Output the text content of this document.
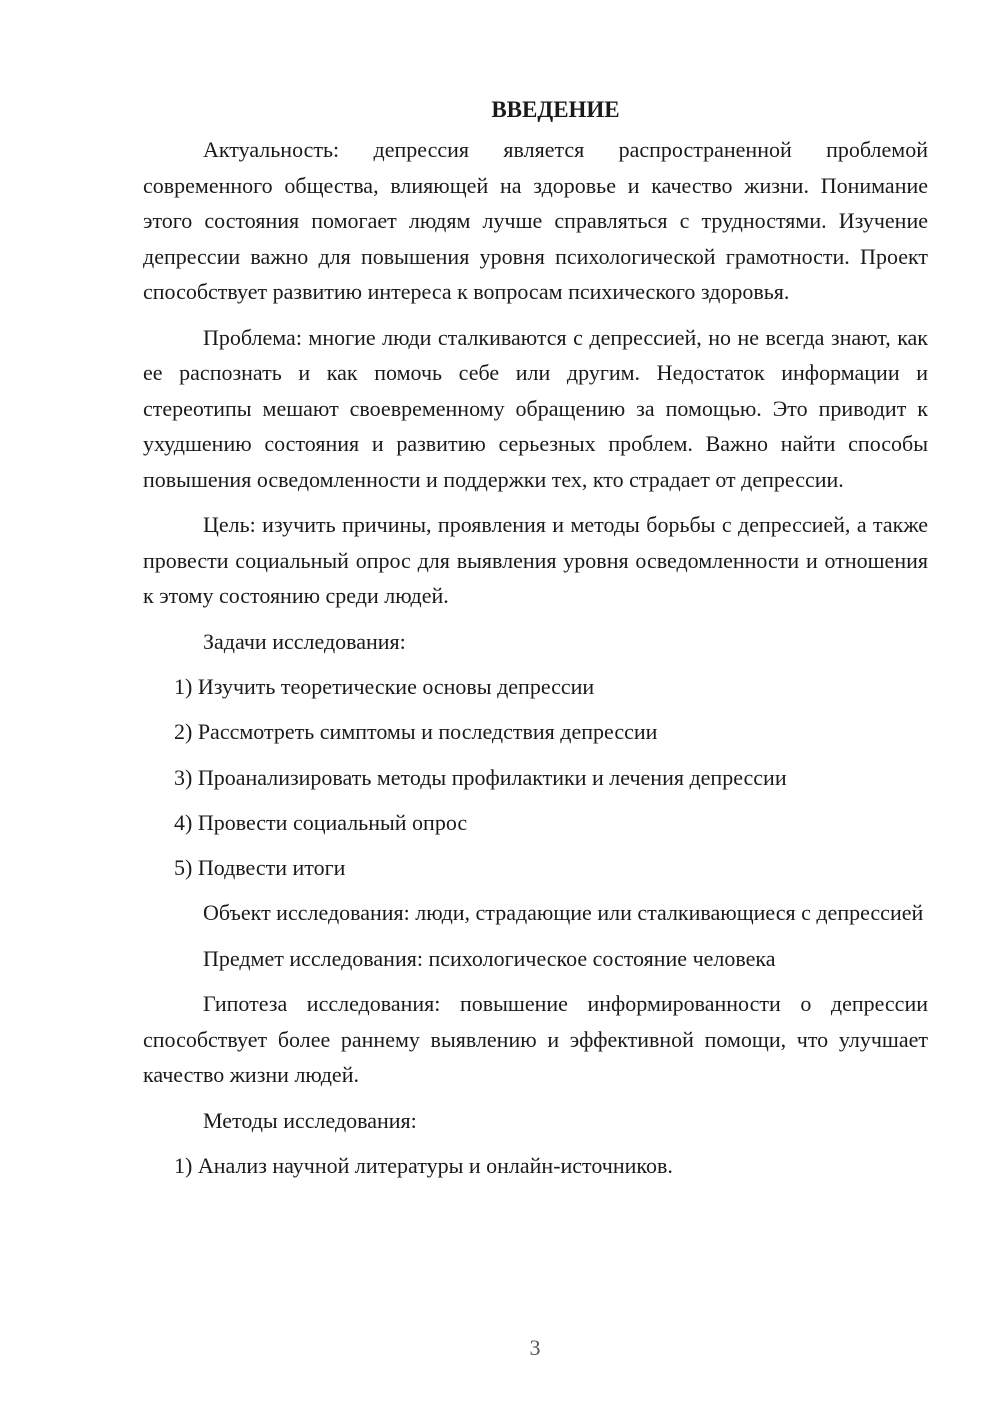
ВВЕДЕНИЕ

Актуальность: депрессия является распространенной проблемой современного общества, влияющей на здоровье и качество жизни. Понимание этого состояния помогает людям лучше справляться с трудностями. Изучение депрессии важно для повышения уровня психологической грамотности. Проект способствует развитию интереса к вопросам психического здоровья.

Проблема: многие люди сталкиваются с депрессией, но не всегда знают, как ее распознать и как помочь себе или другим. Недостаток информации и стереотипы мешают своевременному обращению за помощью. Это приводит к ухудшению состояния и развитию серьезных проблем. Важно найти способы повышения осведомленности и поддержки тех, кто страдает от депрессии.

Цель: изучить причины, проявления и методы борьбы с депрессией, а также провести социальный опрос для выявления уровня осведомленности и отношения к этому состоянию среди людей.

Задачи исследования:
1) Изучить теоретические основы депрессии
2) Рассмотреть симптомы и последствия депрессии
3) Проанализировать методы профилактики и лечения депрессии
4) Провести социальный опрос
5) Подвести итоги

Объект исследования: люди, страдающие или сталкивающиеся с депрессией

Предмет исследования: психологическое состояние человека

Гипотеза исследования: повышение информированности о депрессии способствует более раннему выявлению и эффективной помощи, что улучшает качество жизни людей.

Методы исследования:
1) Анализ научной литературы и онлайн-источников.
3
